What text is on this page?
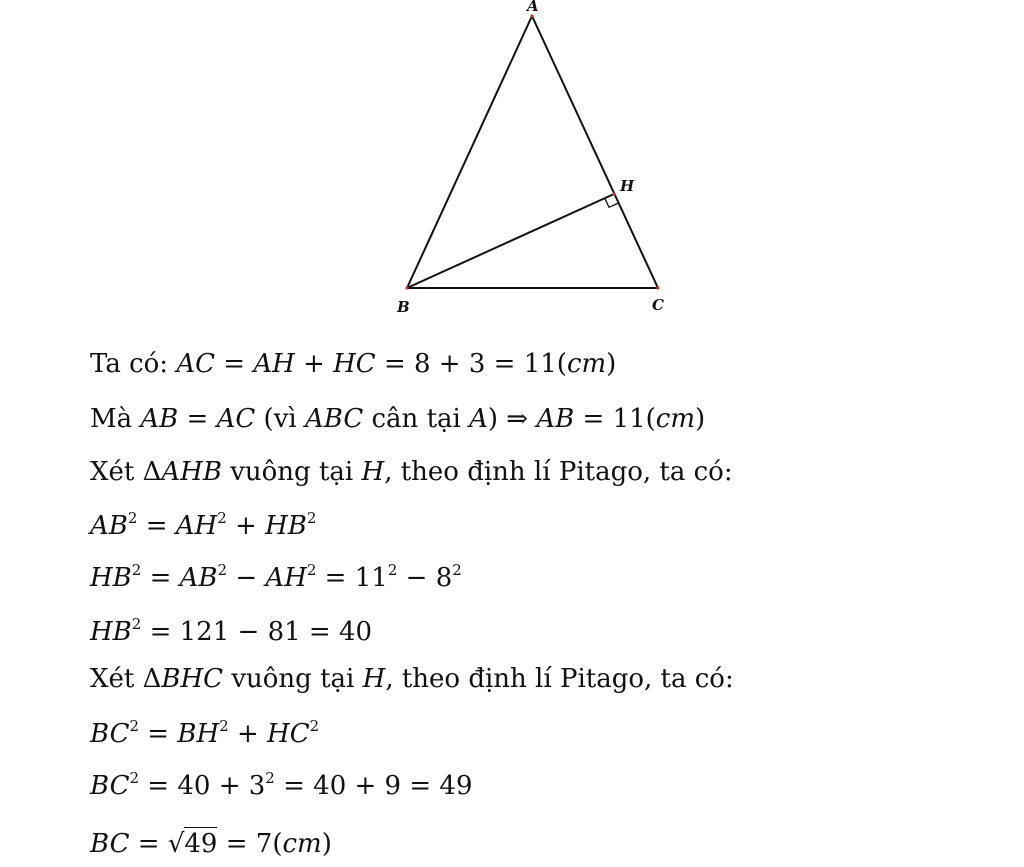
A
B	C
H
Ta có: AC = AH + HC = 8 + 3 = 11(cm)
Mà AB = AC (vì ABC cân tại A) ⇒ AB = 11(cm)
Xét ΔAHB vuông tại H, theo định lí Pitago, ta có:
$AB^2 = AH^2 + HB^2$
$HB^2 = AB^2 - AH^2 = 11^2 - 8^2$
$HB^2 = 121 - 81 = 40$
Xét ΔBHC vuông tại H, theo định lí Pitago, ta có:
$BC^2 = BH^2 + HC^2$
$BC^2 = 40 + 3^2 = 40 + 9 = 49$
BC = √49 = 7(cm)
